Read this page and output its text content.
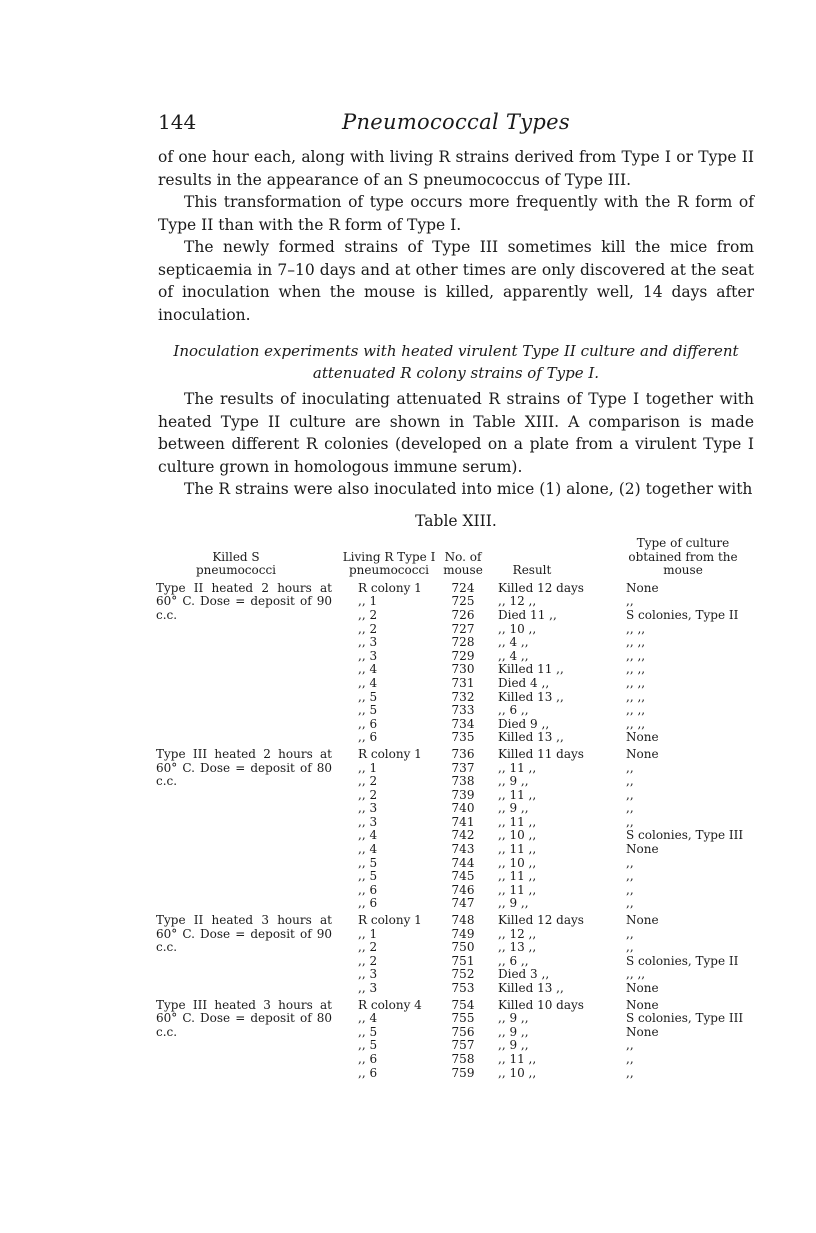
144	Pneumococcal Types

of one hour each, along with living R strains derived from Type I or Type II results in the appearance of an S pneumococcus of Type III.

This transformation of type occurs more frequently with the R form of Type II than with the R form of Type I.

The newly formed strains of Type III sometimes kill the mice from septicaemia in 7–10 days and at other times are only discovered at the seat of inoculation when the mouse is killed, apparently well, 14 days after inoculation.

Inoculation experiments with heated virulent Type II culture and different attenuated R colony strains of Type I.

The results of inoculating attenuated R strains of Type I together with heated Type II culture are shown in Table XIII. A comparison is made between different R colonies (developed on a plate from a virulent Type I culture grown in homologous immune serum).

The R strains were also inoculated into mice (1) alone, (2) together with

Table XIII.
Killed S pneumococci	Living R Type I pneumococci	No. of mouse	Result	Type of culture obtained from the mouse
Type II heated 2 hours at 60° C. Dose = deposit of 90 c.c.	R colony 1	724	Killed 12 days	None
	,, 1	725	,, 12 ,,	,,
	,, 2	726	Died 11 ,,	S colonies, Type II
	,, 2	727	,, 10 ,,	,, ,,
	,, 3	728	,, 4 ,,	,, ,,
	,, 3	729	,, 4 ,,	,, ,,
	,, 4	730	Killed 11 ,,	,, ,,
	,, 4	731	Died 4 ,,	,, ,,
	,, 5	732	Killed 13 ,,	,, ,,
	,, 5	733	,, 6 ,,	,, ,,
	,, 6	734	Died 9 ,,	,, ,,
	,, 6	735	Killed 13 ,,	None
Type III heated 2 hours at 60° C. Dose = deposit of 80 c.c.	R colony 1	736	Killed 11 days	None
	,, 1	737	,, 11 ,,	,,
	,, 2	738	,, 9 ,,	,,
	,, 2	739	,, 11 ,,	,,
	,, 3	740	,, 9 ,,	,,
	,, 3	741	,, 11 ,,	,,
	,, 4	742	,, 10 ,,	S colonies, Type III
	,, 4	743	,, 11 ,,	None
	,, 5	744	,, 10 ,,	,,
	,, 5	745	,, 11 ,,	,,
	,, 6	746	,, 11 ,,	,,
	,, 6	747	,, 9 ,,	,,
Type II heated 3 hours at 60° C. Dose = deposit of 90 c.c.	R colony 1	748	Killed 12 days	None
	,, 1	749	,, 12 ,,	,,
	,, 2	750	,, 13 ,,	,,
	,, 2	751	,, 6 ,,	S colonies, Type II
	,, 3	752	Died 3 ,,	,, ,,
	,, 3	753	Killed 13 ,,	None
Type III heated 3 hours at 60° C. Dose = deposit of 80 c.c.	R colony 4	754	Killed 10 days	None
	,, 4	755	,, 9 ,,	S colonies, Type III
	,, 5	756	,, 9 ,,	None
	,, 5	757	,, 9 ,,	,,
	,, 6	758	,, 11 ,,	,,
	,, 6	759	,, 10 ,,	,,
